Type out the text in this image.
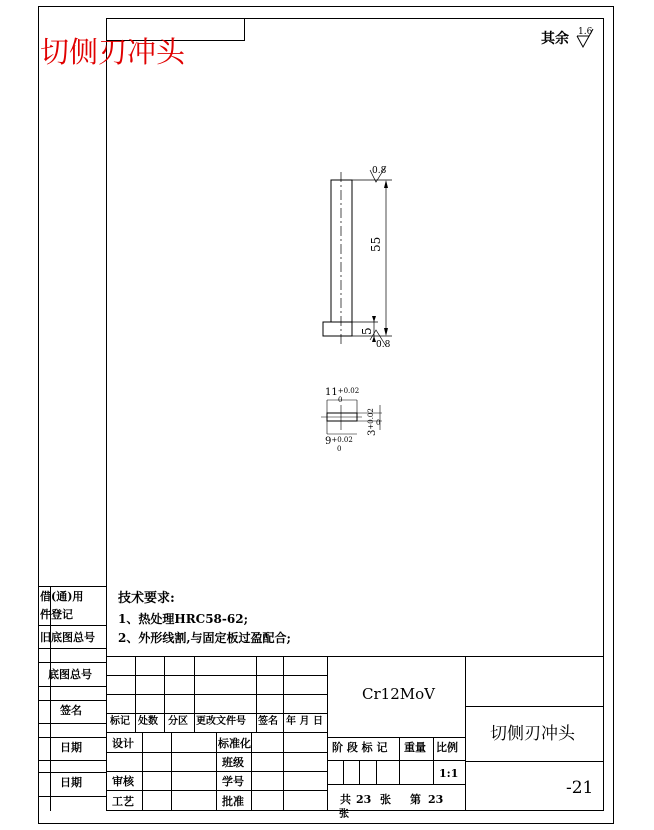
切侧刃冲头	其余 1.6
0.8
0.8
55
5
$11^{+0.02}$
0
$9^{+0.02}$
0
$3^{+0.02}$ 0
技术要求:
1、热处理HRC58-62;
2、外形线割,与固定板过盈配合;
借(通)用
件登记
旧底图总号
底图总号
签名
日期
日期
标记 处数 分区 更改文件号 签名 年 月 日
设计
审核
工艺
标准化
班级
学号
批准
Cr12MoV
阶 段 标 记 重量 比例
1:1
共 23 张 第 23
张
切侧刃冲头
-21
